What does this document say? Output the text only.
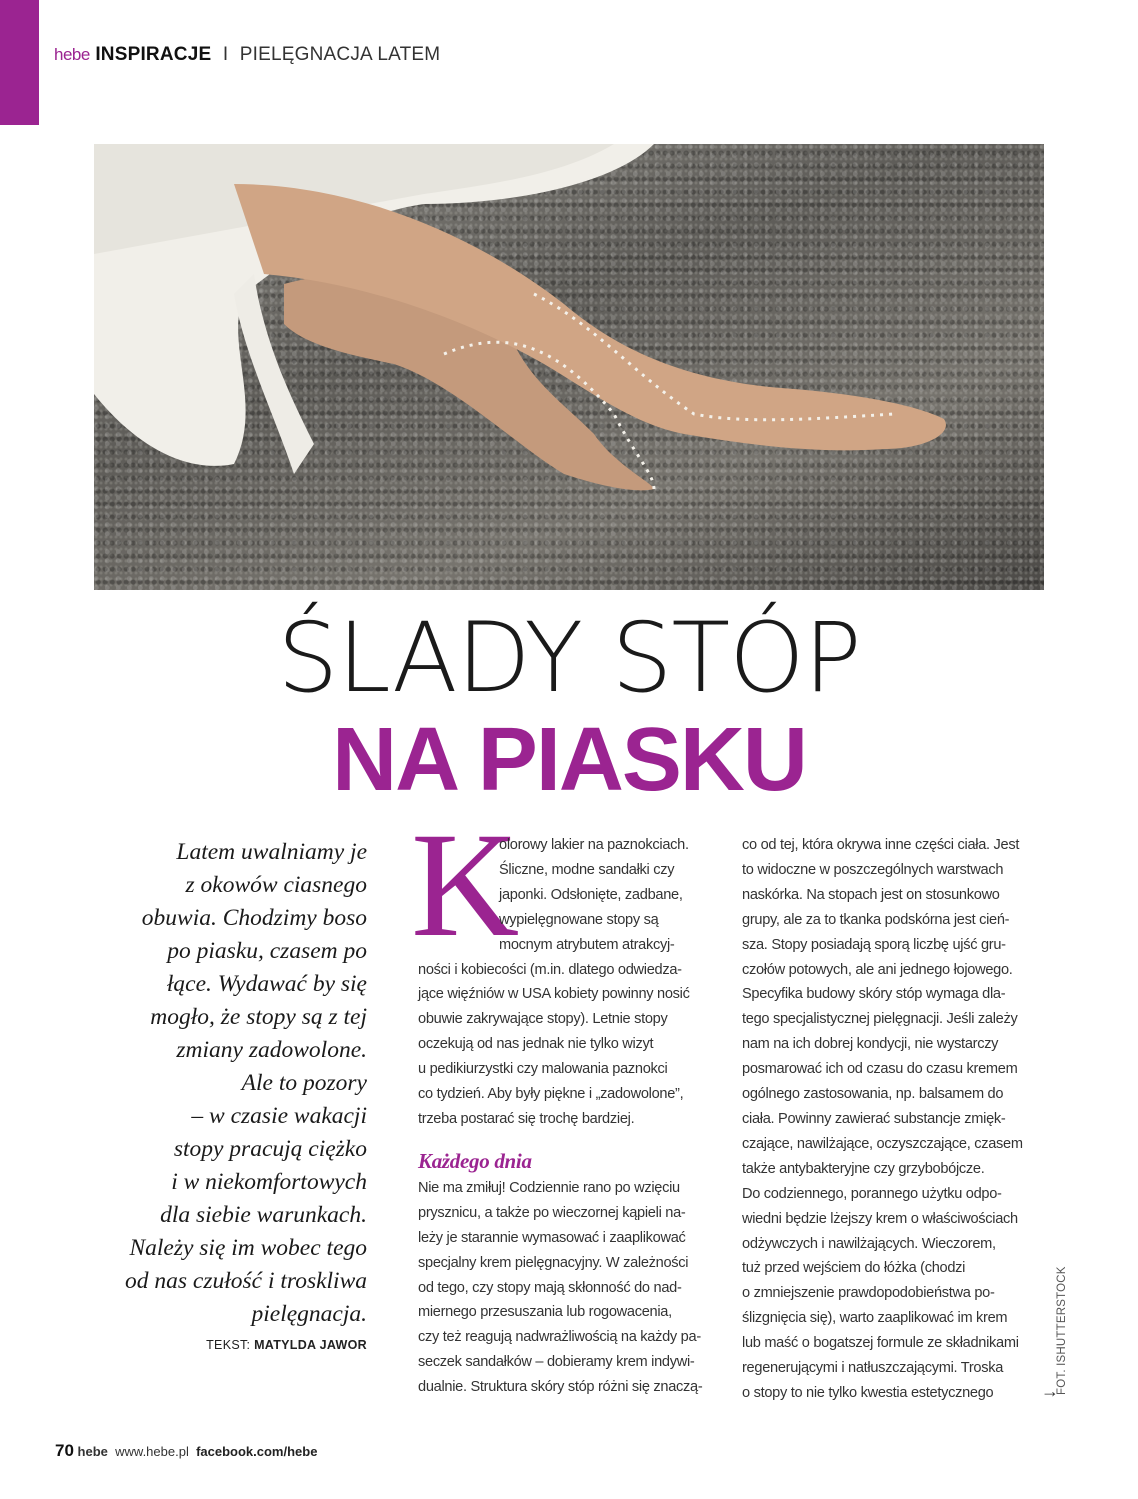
hebe INSPIRACJE I PIELĘGNACJA LATEM
ŚLADY STÓP
NA PIASKU
Latem uwalniamy je
z okowów ciasnego
obuwia. Chodzimy boso
po piasku, czasem po
łące. Wydawać by się
mogło, że stopy są z tej
zmiany zadowolone.
Ale to pozory
– w czasie wakacji
stopy pracują ciężko
i w niekomfortowych
dla siebie warunkach.
Należy się im wobec tego
od nas czułość i troskliwa
pielęgnacja.
TEKST: MATYLDA JAWOR
K
olorowy lakier na paznokciach.
Śliczne, modne sandałki czy
japonki. Odsłonięte, zadbane,
wypielęgnowane stopy są
mocnym atrybutem atrakcyj-
ności i kobiecości (m.in. dlatego odwiedza-
jące więźniów w USA kobiety powinny nosić
obuwie zakrywające stopy). Letnie stopy
oczekują od nas jednak nie tylko wizyt
u pedikiurzystki czy malowania paznokci
co tydzień. Aby były piękne i „zadowolone”,
trzeba postarać się trochę bardziej.
Każdego dnia
Nie ma zmiłuj! Codziennie rano po wzięciu
prysznicu, a także po wieczornej kąpieli na-
leży je starannie wymasować i zaaplikować
specjalny krem pielęgnacyjny. W zależności
od tego, czy stopy mają skłonność do nad-
miernego przesuszania lub rogowacenia,
czy też reagują nadwrażliwością na każdy pa-
seczek sandałków – dobieramy krem indywi-
dualnie. Struktura skóry stóp różni się znaczą-
co od tej, która okrywa inne części ciała. Jest
to widoczne w poszczególnych warstwach
naskórka. Na stopach jest on stosunkowo
grupy, ale za to tkanka podskórna jest cień-
sza. Stopy posiadają sporą liczbę ujść gru-
czołów potowych, ale ani jednego łojowego.
Specyfika budowy skóry stóp wymaga dla-
tego specjalistycznej pielęgnacji. Jeśli zależy
nam na ich dobrej kondycji, nie wystarczy
posmarować ich od czasu do czasu kremem
ogólnego zastosowania, np. balsamem do
ciała. Powinny zawierać substancje zmięk-
czające, nawilżające, oczyszczające, czasem
także antybakteryjne czy grzybobójcze.
Do codziennego, porannego użytku odpo-
wiedni będzie lżejszy krem o właściwościach
odżywczych i nawilżających. Wieczorem,
tuż przed wejściem do łóżka (chodzi
o zmniejszenie prawdopodobieństwa po-
ślizgnięcia się), warto zaaplikować im krem
lub maść o bogatszej formule ze składnikami
regenerującymi i natłuszczającymi. Troska
o stopy to nie tylko kwestia estetycznego	→
FOT. ISHUTTERSTOCK
70 hebe www.hebe.pl facebook.com/hebe
